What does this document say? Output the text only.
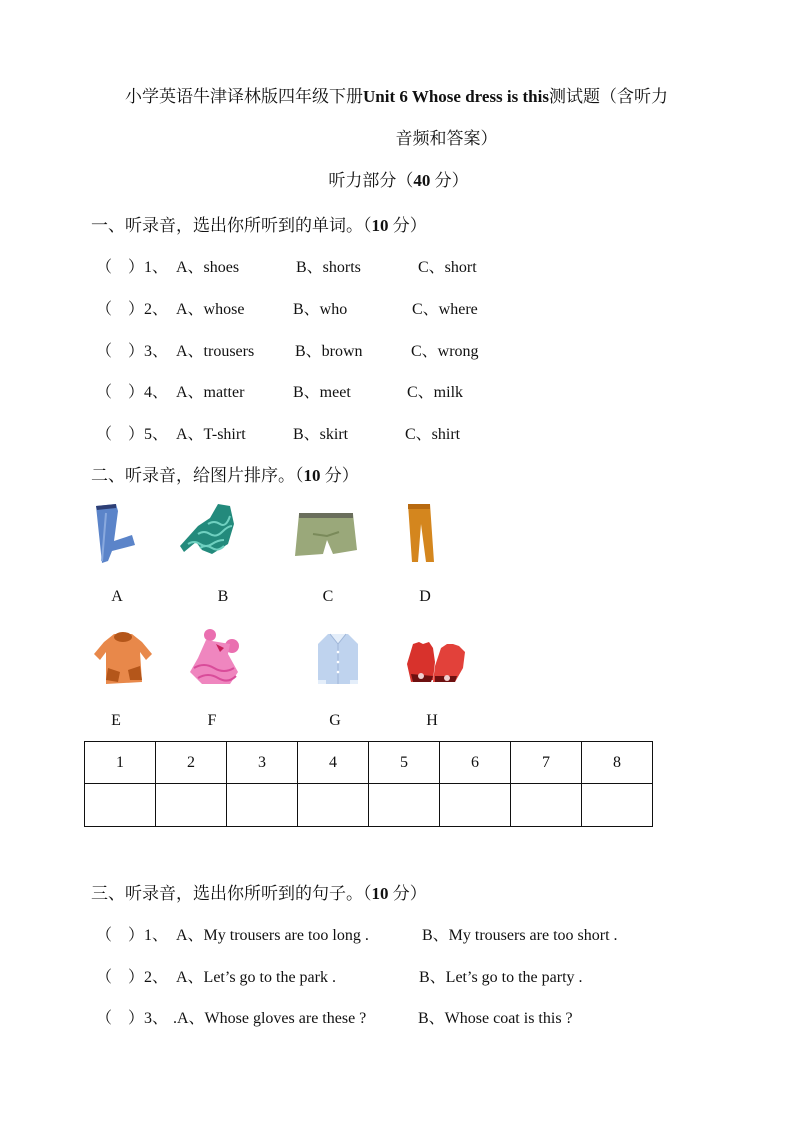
小学英语牛津译林版四年级下册Unit 6 Whose dress is this测试题（含听力
音频和答案）
听力部分（40 分）
一、听录音，选出你所听到的单词。（10 分）
（　）1、 A、shoes	B、shorts	C、short
（　）2、 A、whose	B、who	C、where
（　）3、 A、trousers	B、brown	C、wrong
（　）4、 A、matter	B、meet	C、milk
（　）5、 A、T-shirt	B、skirt	C、shirt
二、听录音，给图片排序。（10 分）
A	B	C	D
E	F	G	H
1	2	3	4	5	6	7	8

三、听录音，选出你所听到的句子。（10 分）
（　）1、 A、My trousers are too long .	B、My trousers are too short .
（　）2、 A、Let’s go to the park .	B、Let’s go to the party .
（　）3、 .A、Whose gloves are these ?	B、Whose coat is this ?
